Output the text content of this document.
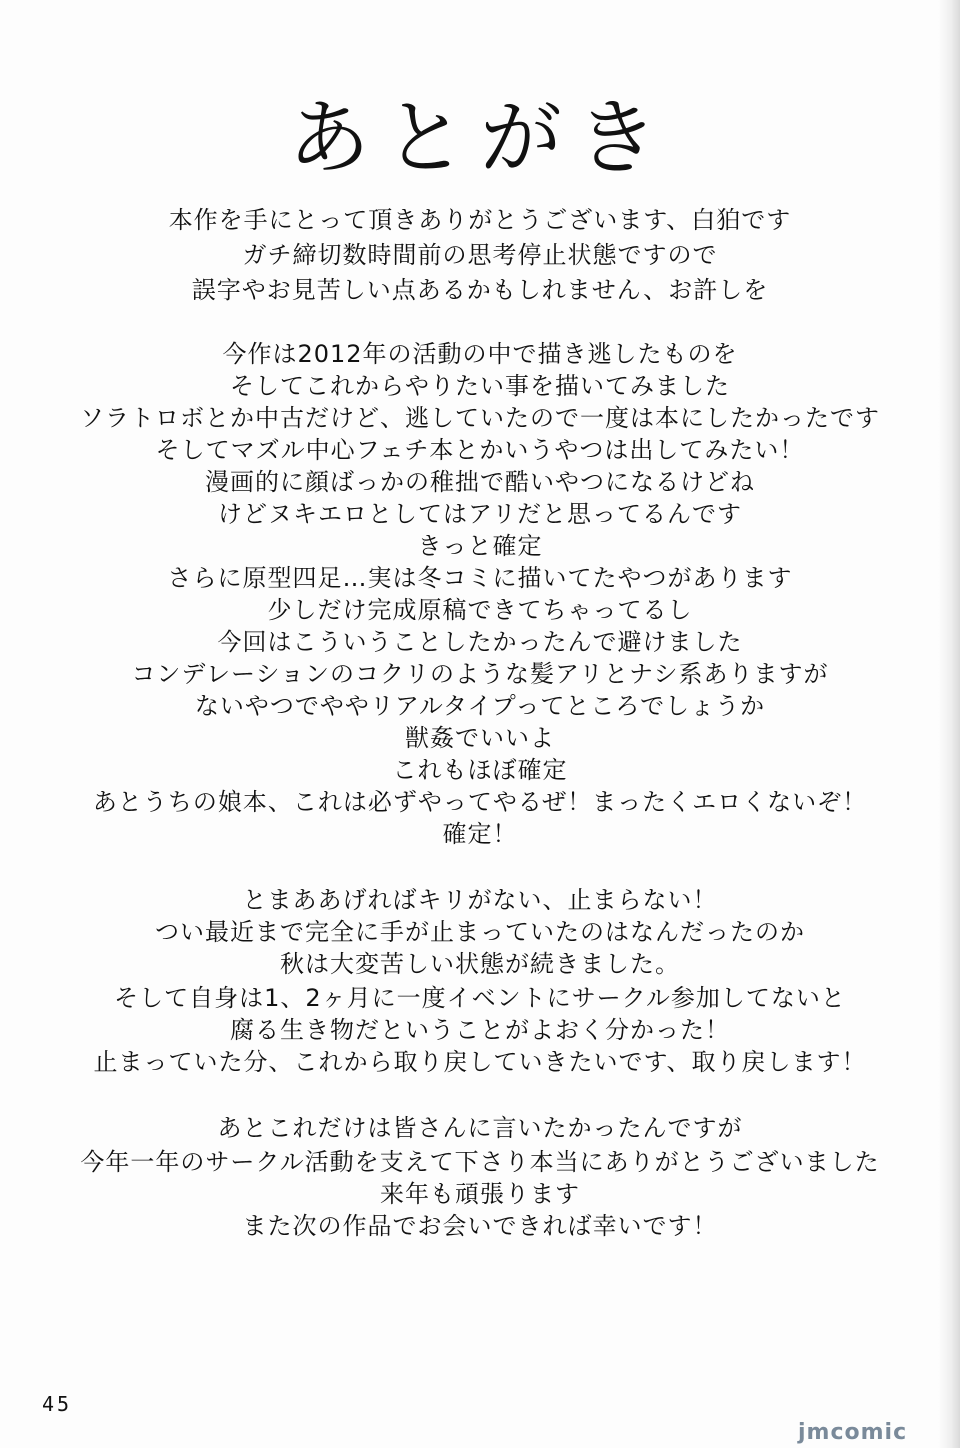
あとがき
本作を手にとって頂きありがとうございます、白狛です
ガチ締切数時間前の思考停止状態ですので
誤字やお見苦しい点あるかもしれません、お許しを
今作は2012年の活動の中で描き逃したものを
そしてこれからやりたい事を描いてみました
ソラトロボとか中古だけど、逃していたので一度は本にしたかったです
そしてマズル中心フェチ本とかいうやつは出してみたい！
漫画的に顔ばっかの稚拙で酷いやつになるけどね
けどヌキエロとしてはアリだと思ってるんです
きっと確定
さらに原型四足…実は冬コミに描いてたやつがあります
少しだけ完成原稿できてちゃってるし
今回はこういうことしたかったんで避けました
コンデレーションのコクリのような髪アリとナシ系ありますが
ないやつでややリアルタイプってところでしょうか
獣姦でいいよ
これもほぼ確定
あとうちの娘本、これは必ずやってやるぜ！まったくエロくないぞ！
確定！
とまああげればキリがない、止まらない！
つい最近まで完全に手が止まっていたのはなんだったのか
秋は大変苦しい状態が続きました。
そして自身は1、2ヶ月に一度イベントにサークル参加してないと
腐る生き物だということがよおく分かった！
止まっていた分、これから取り戻していきたいです、取り戻します！
あとこれだけは皆さんに言いたかったんですが
今年一年のサークル活動を支えて下さり本当にありがとうございました
来年も頑張ります
また次の作品でお会いできれば幸いです！
45
jmcomic
